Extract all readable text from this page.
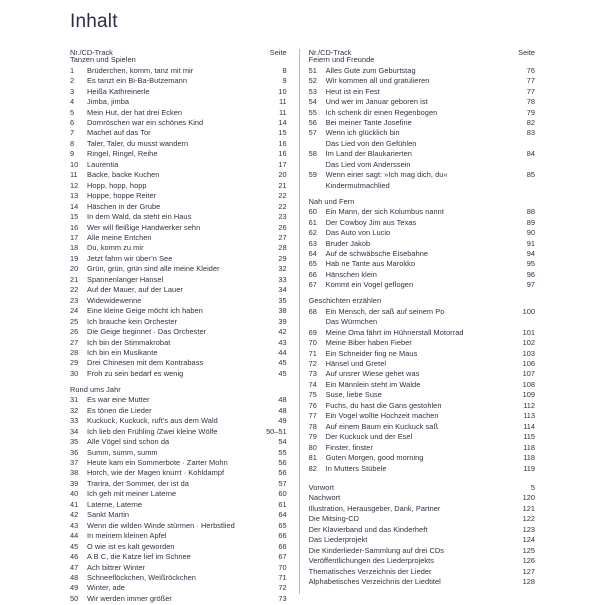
Inhalt
Nr./CD-Track		Seite
Tanzen und Spielen		
1	Brüderchen, komm, tanz mit mir	8
2	Es tanzt ein Bi-Ba-Butzemann	9
3	Heißa Kathreinerle	10
4	Jimba, jimba	11
5	Mein Hut, der hat drei Ecken	11
6	Dornröschen war ein schönes Kind	14
7	Machet auf das Tor	15
8	Taler, Taler, du musst wandern	16
9	Ringel, Ringel, Reihe	16
10	Laurentia	17
11	Backe, backe Kuchen	20
12	Hopp, hopp, hopp	21
13	Hoppe, hoppe Reiter	22
14	Häschen in der Grube	22
15	In dem Wald, da steht ein Haus	23
16	Wer will fleißige Handwerker sehn	26
17	Alle meine Entchen	27
18	Du, komm zu mir	28
19	Jetzt fahrn wir über’n See	29
20	Grün, grün, grün sind alle meine Kleider	32
21	Spannenlanger Hansel	33
22	Auf der Mauer, auf der Lauer	34
23	Widewidewenne	35
24	Eine kleine Geige möcht ich haben	38
25	Ich brauche kein Orchester	39
26	Die Geige beginnet · Das Orchester	42
27	Ich bin der Stimmakrobat	43
28	Ich bin ein Musikante	44
29	Drei Chinesen mit dem Kontrabass	45
30	Froh zu sein bedarf es wenig	45
Rund ums Jahr		
31	Es war eine Mutter	48
32	Es tönen die Lieder	48
33	Kuckuck, Kuckuck, ruft’s aus dem Wald	49
34	Ich lieb den Frühling /Zwei kleine Wölfe	50–51
35	Alle Vögel sind schon da	54
36	Summ, summ, summ	55
37	Heute kam ein Sommerbote · Zarter Mohn	56
38	Horch, wie der Magen knurrt · Kohldampf	56
39	Trarira, der Sommer, der ist da	57
40	Ich geh mit meiner Laterne	60
41	Laterne, Laterne	61
42	Sankt Martin	64
43	Wenn die wilden Winde stürmen · Herbstlied	65
44	In meinem kleinen Apfel	66
45	O wie ist es kalt geworden	66
46	A B C, die Katze lief im Schnee	67
47	Ach bittrer Winter	70
48	Schneeflöckchen, Weißröckchen	71
49	Winter, ade	72
50	Wir werden immer größer	73
Nr./CD-Track		Seite
Feiern und Freunde		
51	Alles Gute zum Geburtstag	76
52	Wir kommen all und gratulieren	77
53	Heut ist ein Fest	77
54	Und wer im Januar geboren ist	78
55	Ich schenk dir einen Regenbogen	79
56	Bei meiner Tante Josefine	82
57	Wenn ich glücklich bin	83
	Das Lied von den Gefühlen	
58	Im Land der Blaukarierten	84
	Das Lied vom Anderssein	
59	Wenn einer sagt: »Ich mag dich, du«	85
	Kindermutmachlied	
Nah und Fern		
60	Ein Mann, der sich Kolumbus nannt	88
61	Der Cowboy Jim aus Texas	89
62	Das Auto von Lucio	90
63	Bruder Jakob	91
64	Auf de schwäbsche Eisebahne	94
65	Hab ne Tante aus Marokko	95
66	Hänschen klein	96
67	Kommt ein Vogel geflogen	97
Geschichten erzählen		
68	Ein Mensch, der saß auf seinem Po	100
	Das Würmchen	
69	Meine Oma fährt im Hühnerstall Motorrad	101
70	Meine Biber haben Fieber	102
71	Ein Schneider fing ne Maus	103
72	Hänsel und Gretel	106
73	Auf unsrer Wiese gehet was	107
74	Ein Männlein steht im Walde	108
75	Suse, liebe Suse	109
76	Fuchs, du hast die Gans gestohlen	112
77	Ein Vogel wollte Hochzeit machen	113
78	Auf einem Baum ein Kuckuck saß	114
79	Der Kuckuck und der Esel	115
80	Finster, finster	118
81	Guten Morgen, good morning	118
82	In Mutters Stübele	119
Vorwort		5
Nachwort		120
Illustration, Herausgeber, Dank, Partner		121
Die Mitsing-CD		122
Der Klavierband und das Kinderheft		123
Das Liederprojekt		124
Die Kinderlieder-Sammlung auf drei CDs		125
Veröffentlichungen des Liederprojekts		126
Thematisches Verzeichnis der Lieder		127
Alphabetisches Verzeichnis der Liedtitel		128
